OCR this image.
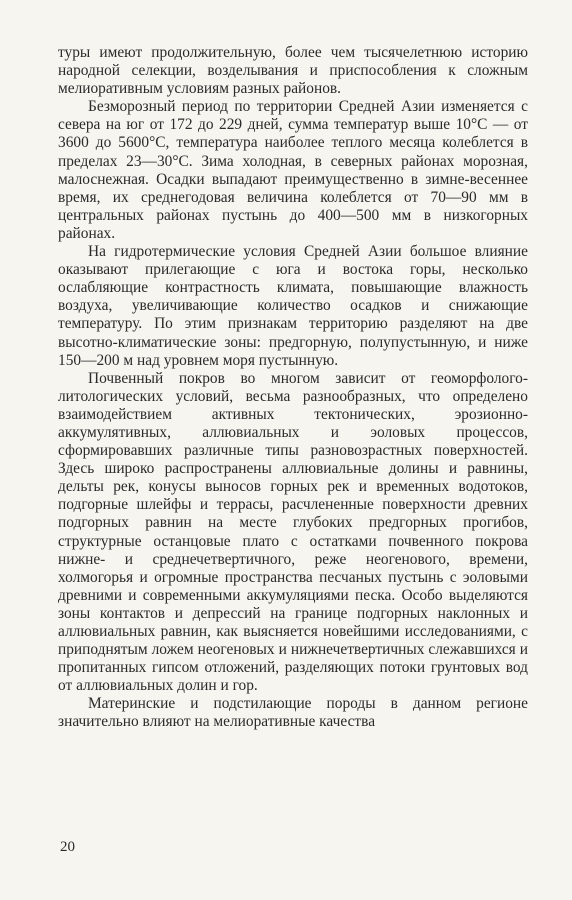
туры имеют продолжительную, более чем тысячелетнюю историю народной селекции, возделывания и приспособления к сложным мелиоративным условиям разных районов.

Безморозный период по территории Средней Азии изменяется с севера на юг от 172 до 229 дней, сумма температур выше 10°С — от 3600 до 5600°С, температура наиболее теплого месяца колеблется в пределах 23—30°С. Зима холодная, в северных районах морозная, малоснежная. Осадки выпадают преимущественно в зимне-весеннее время, их среднегодовая величина колеблется от 70—90 мм в центральных районах пустынь до 400—500 мм в низкогорных районах.

На гидротермические условия Средней Азии большое влияние оказывают прилегающие с юга и востока горы, несколько ослабляющие контрастность климата, повышающие влажность воздуха, увеличивающие количество осадков и снижающие температуру. По этим признакам территорию разделяют на две высотно-климатические зоны: предгорную, полупустынную, и ниже 150—200 м над уровнем моря пустынную.

Почвенный покров во многом зависит от геоморфолого-литологических условий, весьма разнообразных, что определено взаимодействием активных тектонических, эрозионно-аккумулятивных, аллювиальных и эоловых процессов, сформировавших различные типы разновозрастных поверхностей. Здесь широко распространены аллювиальные долины и равнины, дельты рек, конусы выносов горных рек и временных водотоков, подгорные шлейфы и террасы, расчлененные поверхности древних подгорных равнин на месте глубоких предгорных прогибов, структурные останцовые плато с остатками почвенного покрова нижне- и среднечетвертичного, реже неогенового, времени, холмогорья и огромные пространства песчаных пустынь с эоловыми древними и современными аккумуляциями песка. Особо выделяются зоны контактов и депрессий на границе подгорных наклонных и аллювиальных равнин, как выясняется новейшими исследованиями, с приподнятым ложем неогеновых и нижнечетвертичных слежавшихся и пропитанных гипсом отложений, разделяющих потоки грунтовых вод от аллювиальных долин и гор.

Материнские и подстилающие породы в данном регионе значительно влияют на мелиоративные качества

20
